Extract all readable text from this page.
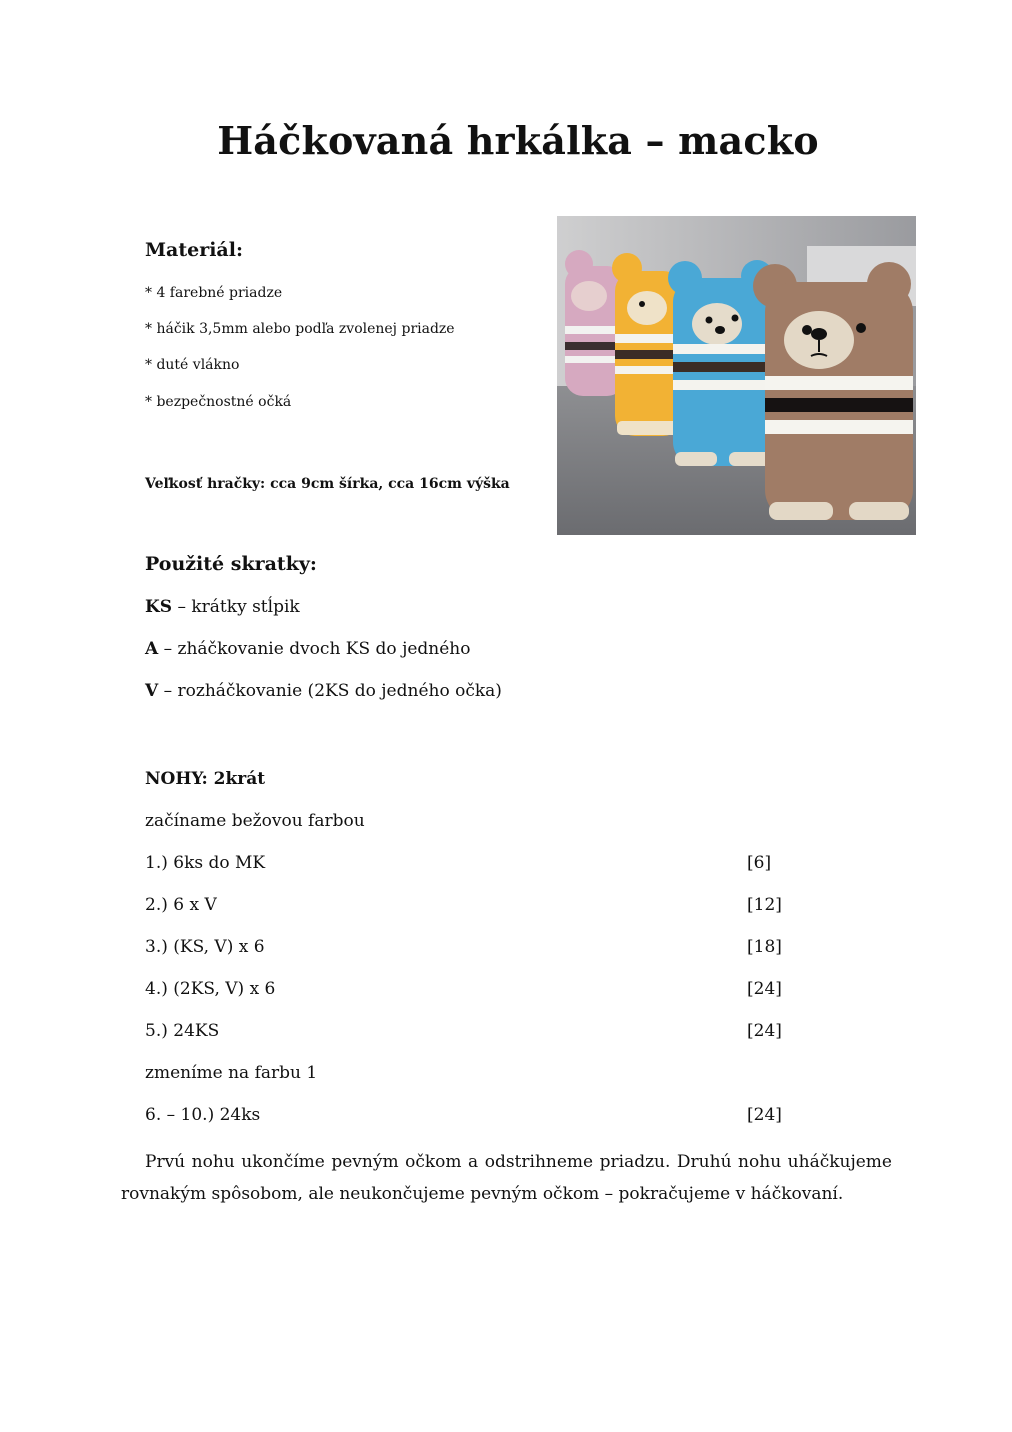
Háčkovaná hrkálka – macko
Materiál:
* 4 farebné priadze
* háčik 3,5mm alebo podľa zvolenej priadze
* duté vlákno
* bezpečnostné očká
Veľkosť hračky: cca 9cm šírka, cca 16cm výška
Použité skratky:
KS – krátky stĺpik
A – zháčkovanie dvoch KS do jedného
V – rozháčkovanie (2KS do jedného očka)
NOHY: 2krát
začíname bežovou farbou
1.) 6ks do MK	[6]
2.) 6 x V	[12]
3.) (KS, V) x 6	[18]
4.) (2KS, V) x 6	[24]
5.) 24KS	[24]
zmeníme na farbu 1
6. – 10.) 24ks	[24]
Prvú nohu ukončíme pevným očkom a odstrihneme priadzu. Druhú nohu uháčkujeme rovnakým spôsobom, ale neukončujeme pevným očkom – pokračujeme v háčkovaní.
